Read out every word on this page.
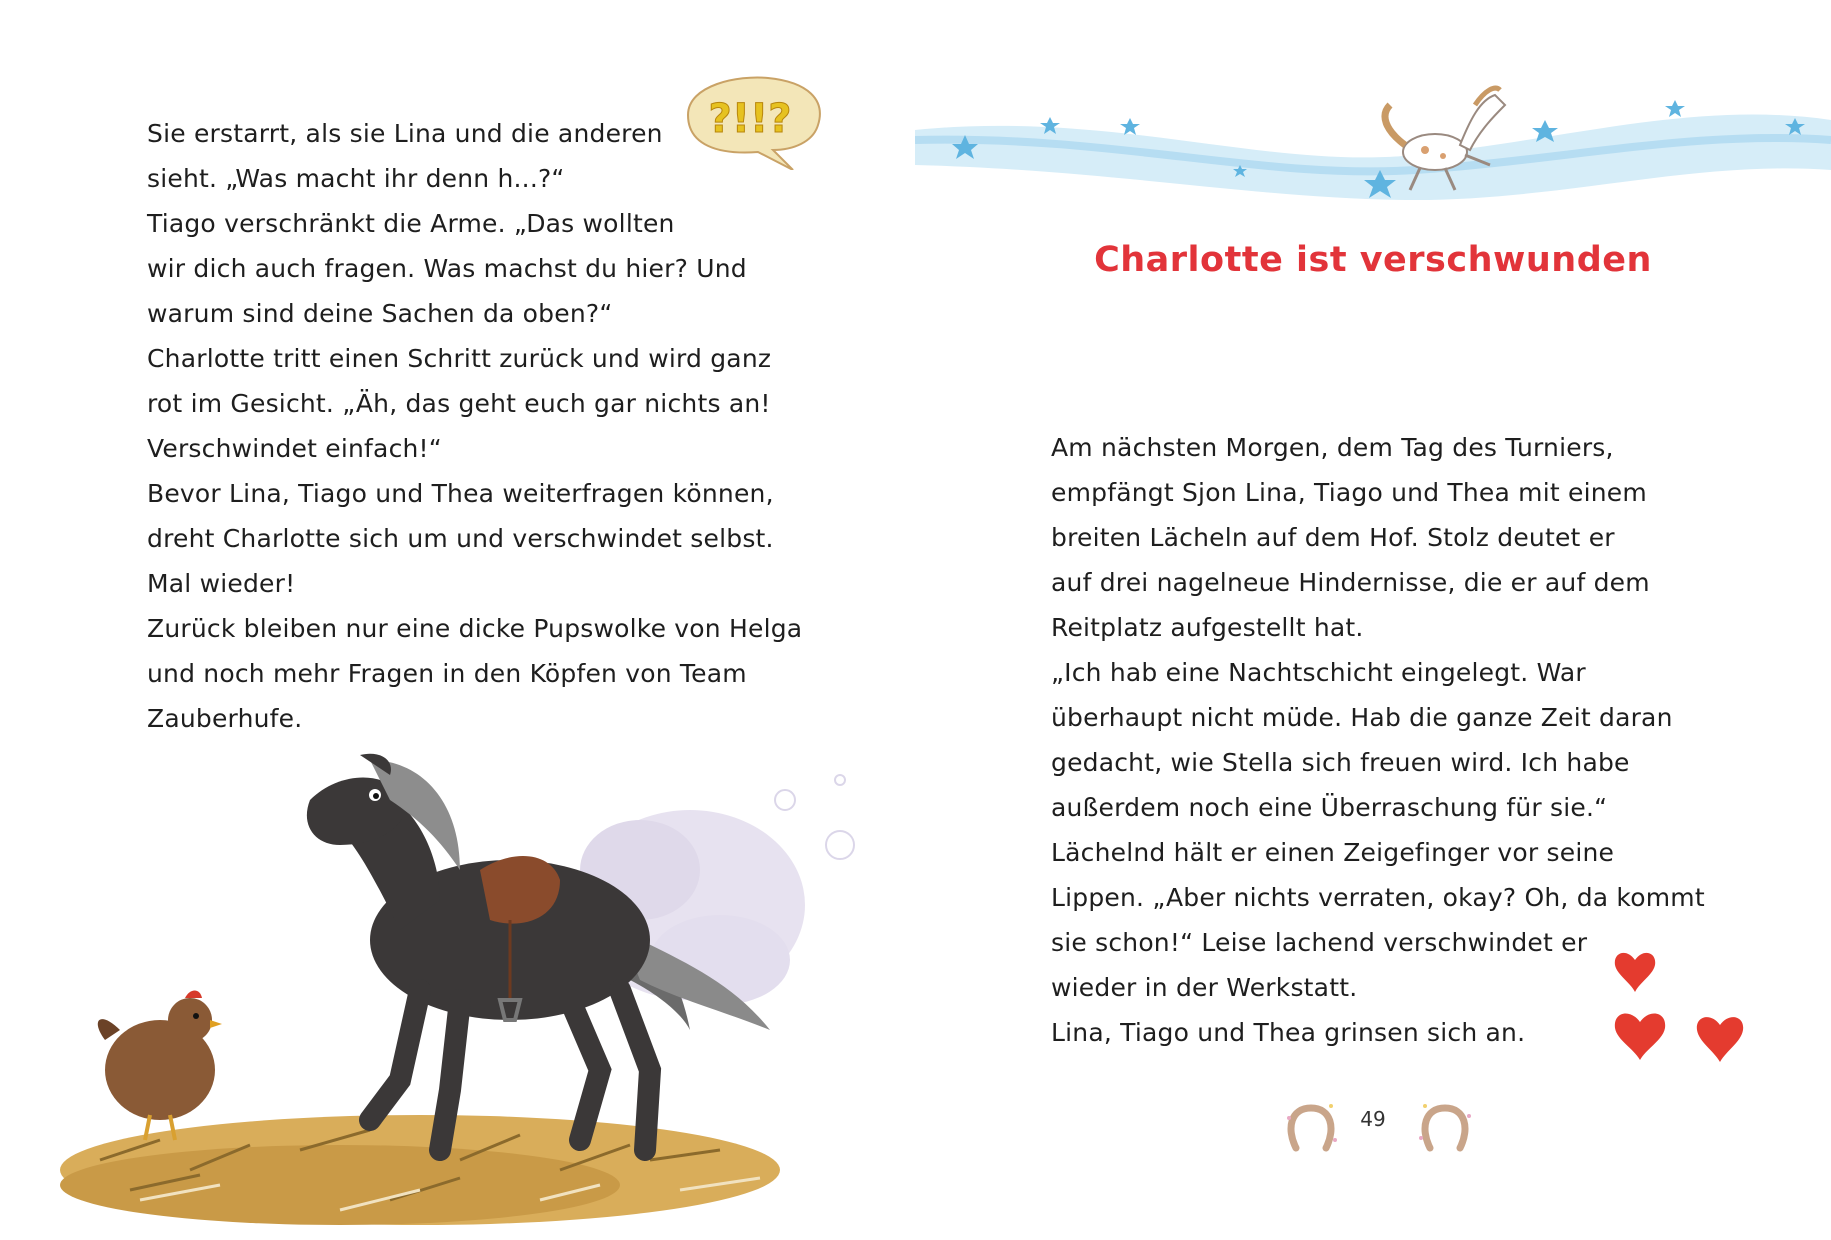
?!!?

Sie erstarrt, als sie Lina und die anderen

sieht. „Was macht ihr denn h...?“

Tiago verschränkt die Arme. „Das wollten

wir dich auch fragen. Was machst du hier? Und

warum sind deine Sachen da oben?“

Charlotte tritt einen Schritt zurück und wird ganz

rot im Gesicht. „Äh, das geht euch gar nichts an!

Verschwindet einfach!“

Bevor Lina, Tiago und Thea weiterfragen können,

dreht Charlotte sich um und verschwindet selbst.

Mal wieder!

Zurück bleiben nur eine dicke Pupswolke von Helga

und noch mehr Fragen in den Köpfen von Team

Zauberhufe.

Charlotte ist verschwunden

Am nächsten Morgen, dem Tag des Turniers,

empfängt Sjon Lina, Tiago und Thea mit einem

breiten Lächeln auf dem Hof. Stolz deutet er

auf drei nagelneue Hindernisse, die er auf dem

Reitplatz aufgestellt hat.

„Ich hab eine Nachtschicht eingelegt. War

überhaupt nicht müde. Hab die ganze Zeit daran

gedacht, wie Stella sich freuen wird. Ich habe

außerdem noch eine Überraschung für sie.“

Lächelnd hält er einen Zeigefinger vor seine

Lippen. „Aber nichts verraten, okay? Oh, da kommt

sie schon!“ Leise lachend verschwindet er

wieder in der Werkstatt.

Lina, Tiago und Thea grinsen sich an.

49
